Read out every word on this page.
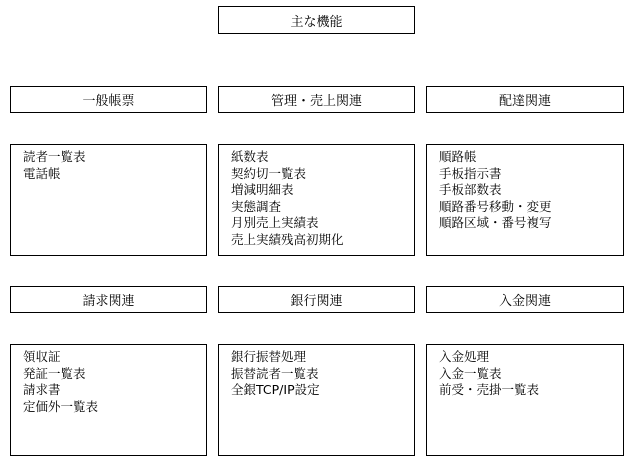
主な機能
一般帳票	管理・売上関連	配達関連
読者一覧表
電話帳
紙数表
契約切一覧表
増減明細表
実態調査
月別売上実績表
売上実績残高初期化
順路帳
手板指示書
手板部数表
順路番号移動・変更
順路区域・番号複写
請求関連	銀行関連	入金関連
領収証
発証一覧表
請求書
定価外一覧表
銀行振替処理
振替読者一覧表
全銀TCP/IP設定
入金処理
入金一覧表
前受・売掛一覧表
